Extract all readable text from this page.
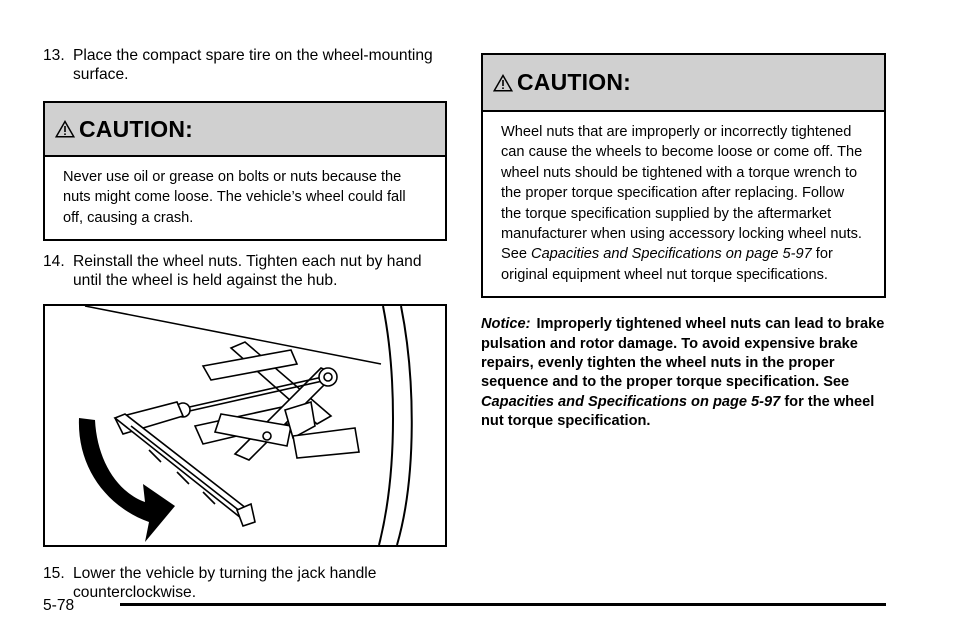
13. Place the compact spare tire on the wheel-mounting surface.
CAUTION:
Never use oil or grease on bolts or nuts because the nuts might come loose. The vehicle’s wheel could fall off, causing a crash.
14. Reinstall the wheel nuts. Tighten each nut by hand until the wheel is held against the hub.
15. Lower the vehicle by turning the jack handle counterclockwise.
CAUTION:
Wheel nuts that are improperly or incorrectly tightened can cause the wheels to become loose or come off. The wheel nuts should be tightened with a torque wrench to the proper torque specification after replacing. Follow the torque specification supplied by the aftermarket manufacturer when using accessory locking wheel nuts. See Capacities and Specifications on page 5-97 for original equipment wheel nut torque specifications.
Notice: Improperly tightened wheel nuts can lead to brake pulsation and rotor damage. To avoid expensive brake repairs, evenly tighten the wheel nuts in the proper sequence and to the proper torque specification. See Capacities and Specifications on page 5-97 for the wheel nut torque specification.
5-78
